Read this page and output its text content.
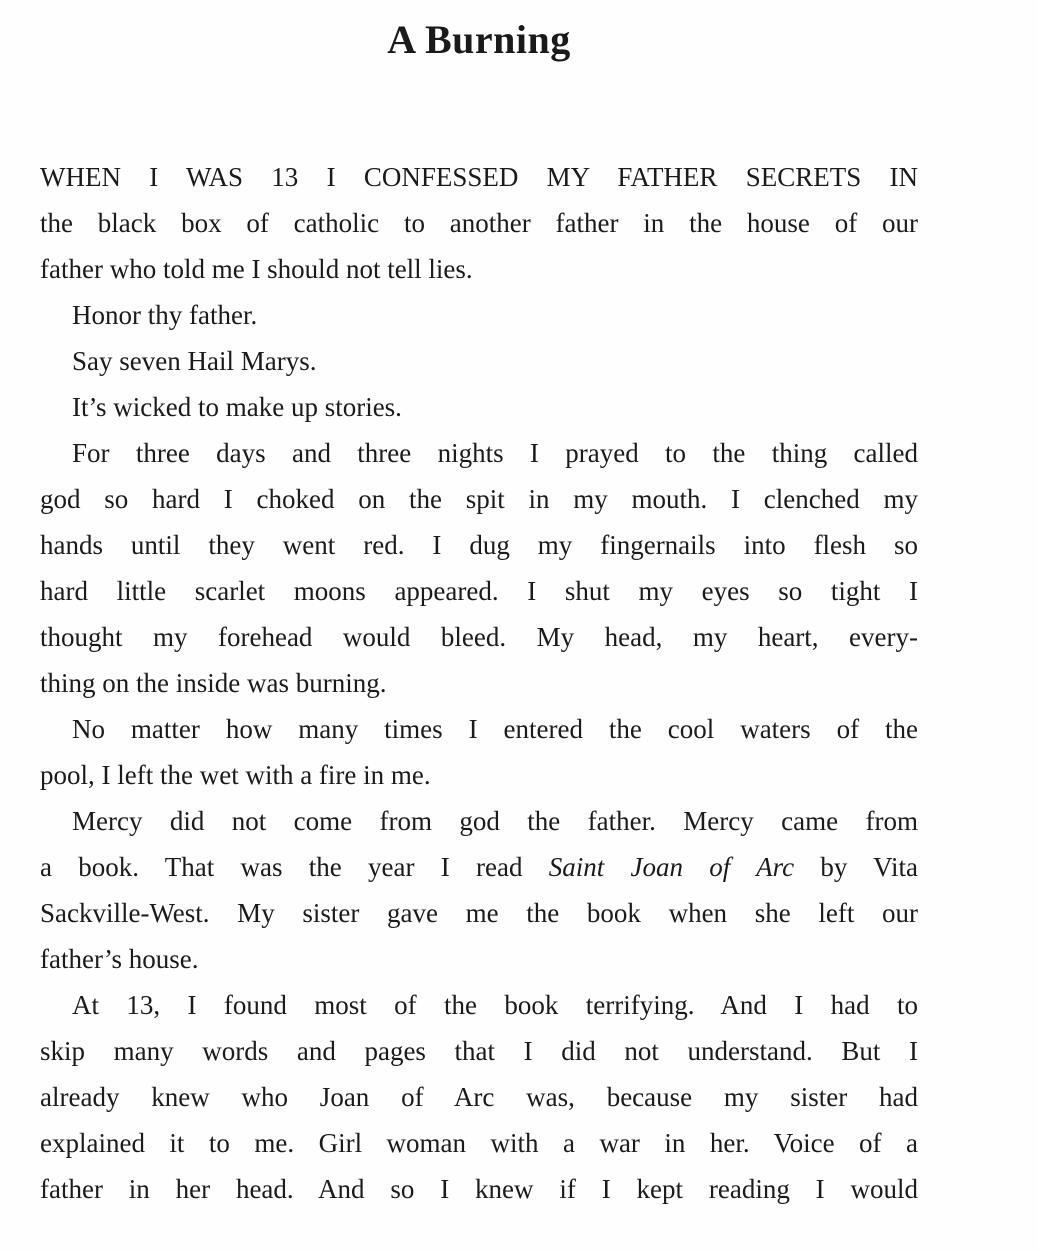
A Burning
WHEN I WAS 13 I CONFESSED MY FATHER SECRETS IN
the black box of catholic to another father in the house of our
father who told me I should not tell lies.
Honor thy father.
Say seven Hail Marys.
It’s wicked to make up stories.
For three days and three nights I prayed to the thing called
god so hard I choked on the spit in my mouth. I clenched my
hands until they went red. I dug my fingernails into flesh so
hard little scarlet moons appeared. I shut my eyes so tight I
thought my forehead would bleed. My head, my heart, every-
thing on the inside was burning.
No matter how many times I entered the cool waters of the
pool, I left the wet with a fire in me.
Mercy did not come from god the father. Mercy came from
a book. That was the year I read Saint Joan of Arc by Vita
Sackville-West. My sister gave me the book when she left our
father’s house.
At 13, I found most of the book terrifying. And I had to
skip many words and pages that I did not understand. But I
already knew who Joan of Arc was, because my sister had
explained it to me. Girl woman with a war in her. Voice of a
father in her head. And so I knew if I kept reading I would
